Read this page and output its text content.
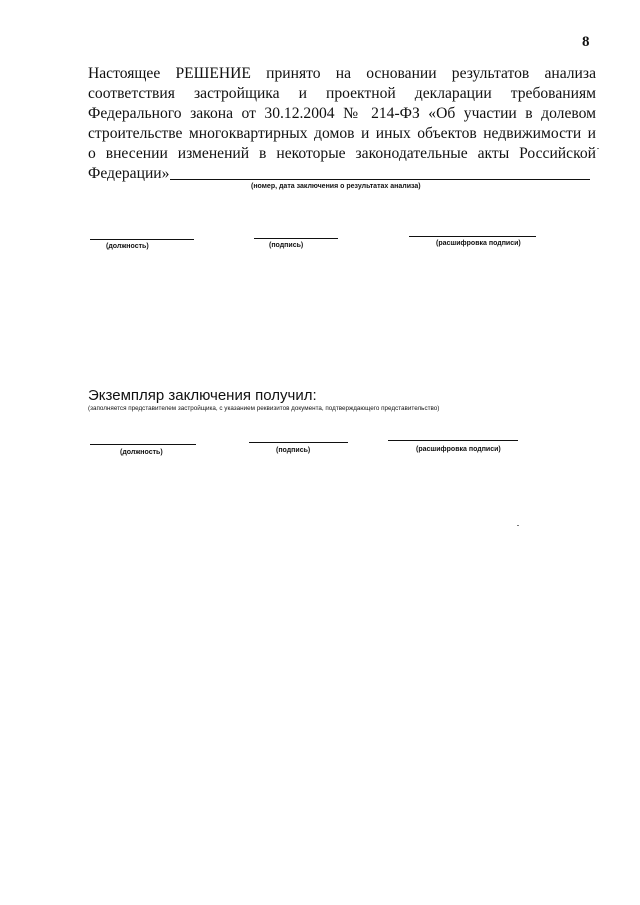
8
Настоящее РЕШЕНИЕ принято на основании результатов анализа
соответствия застройщика и проектной декларации требованиям
Федерального закона от 30.12.2004 № 214-ФЗ «Об участии в долевом
строительстве многоквартирных домов и иных объектов недвижимости и
о внесении изменений в некоторые законодательные акты Российской
Федерации»
(номер, дата заключения о результатах анализа)
(должность)	(подпись)	(расшифровка подписи)
Экземпляр заключения получил:
(заполняется представителем застройщика, с указанием реквизитов документа, подтверждающего представительство)
(должность)	(подпись)	(расшифровка подписи)
